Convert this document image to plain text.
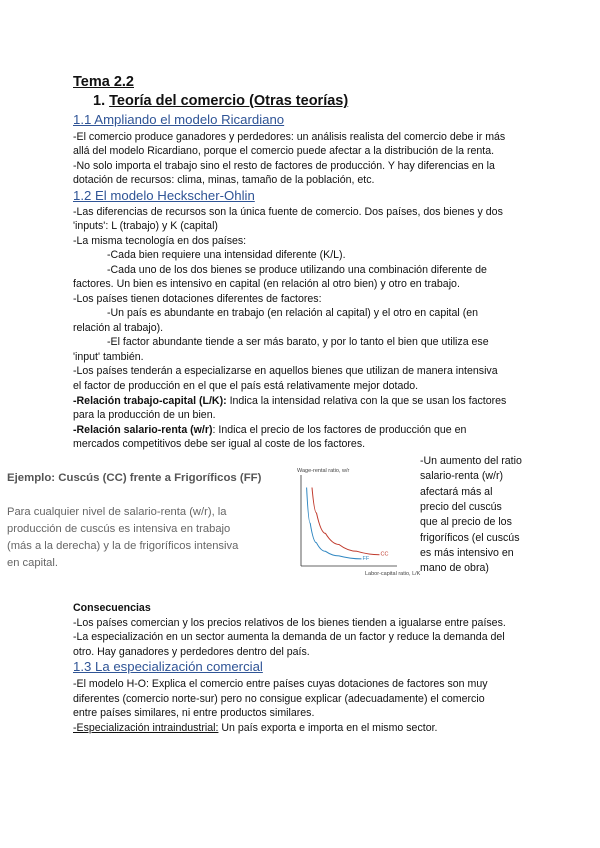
Tema 2.2
1. Teoría del comercio (Otras teorías)
1.1 Ampliando el modelo Ricardiano
-El comercio produce ganadores y perdedores: un análisis realista del comercio debe ir más
allá del modelo Ricardiano, porque el comercio puede afectar a la distribución de la renta.
-No solo importa el trabajo sino el resto de factores de producción. Y hay diferencias en la
dotación de recursos: clima, minas, tamaño de la población, etc.
1.2 El modelo Heckscher-Ohlin
-Las diferencias de recursos son la única fuente de comercio. Dos países, dos bienes y dos
'inputs': L (trabajo) y K (capital)
-La misma tecnología en dos países:
-Cada bien requiere una intensidad diferente (K/L).
-Cada uno de los dos bienes se produce utilizando una combinación diferente de
factores. Un bien es intensivo en capital (en relación al otro bien) y otro en trabajo.
-Los países tienen dotaciones diferentes de factores:
-Un país es abundante en trabajo (en relación al capital) y el otro en capital (en
relación al trabajo).
-El factor abundante tiende a ser más barato, y por lo tanto el bien que utiliza ese
'input' también.
-Los países tenderán a especializarse en aquellos bienes que utilizan de manera intensiva
el factor de producción en el que el país está relativamente mejor dotado.
-Relación trabajo-capital (L/K): Indica la intensidad relativa con la que se usan los factores
para la producción de un bien.
-Relación salario-renta (w/r): Indica el precio de los factores de producción que en
mercados competitivos debe ser igual al coste de los factores.
Ejemplo: Cuscús (CC) frente a Frigoríficos (FF)
Para cualquier nivel de salario-renta (w/r), la
producción de cuscús es intensiva en trabajo
(más a la derecha) y la de frigoríficos intensiva
en capital.
Wage-rental ratio, w/r
Labor-capital ratio, L/K
CC
FF
-Un aumento del ratio
salario-renta (w/r)
afectará más al
precio del cuscús
que al precio de los
frigoríficos (el cuscús
es más intensivo en
mano de obra)
Consecuencias
-Los países comercian y los precios relativos de los bienes tienden a igualarse entre países.
-La especialización en un sector aumenta la demanda de un factor y reduce la demanda del
otro. Hay ganadores y perdedores dentro del país.
1.3 La especialización comercial
-El modelo H-O: Explica el comercio entre países cuyas dotaciones de factores son muy
diferentes (comercio norte-sur) pero no consigue explicar (adecuadamente) el comercio
entre países similares, ni entre productos similares.
-Especialización intraindustrial: Un país exporta e importa en el mismo sector.
